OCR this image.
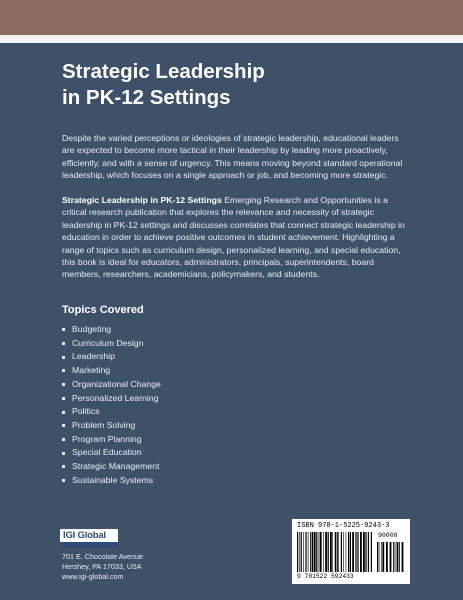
Strategic Leadership
in PK-12 Settings

Despite the varied perceptions or ideologies of strategic leadership, educational leaders are expected to become more tactical in their leadership by leading more proactively, efficiently, and with a sense of urgency. This means moving beyond standard operational leadership, which focuses on a single approach or job, and becoming more strategic.

Strategic Leadership in PK-12 Settings Emerging Research and Opportunities is a critical research publication that explores the relevance and necessity of strategic leadership in PK-12 settings and discusses correlates that connect strategic leadership in education in order to achieve positive outcomes in student achievement. Highlighting a range of topics such as curriculum design, personalized learning, and special education, this book is ideal for educators, administrators, principals, superintendents, board members, researchers, academicians, policymakers, and students.

Topics Covered
Budgeting
Curriculum Design
Leadership
Marketing
Organizational Change
Personalized Learning
Politics
Problem Solving
Program Planning
Special Education
Strategic Management
Sustainable Systems
IGI Global

701 E. Chocolate Avenue
Hershey, PA 17033, USA
www.igi-global.com

ISBN 978-1-5225-9243-3
90000
9 781522 592433
